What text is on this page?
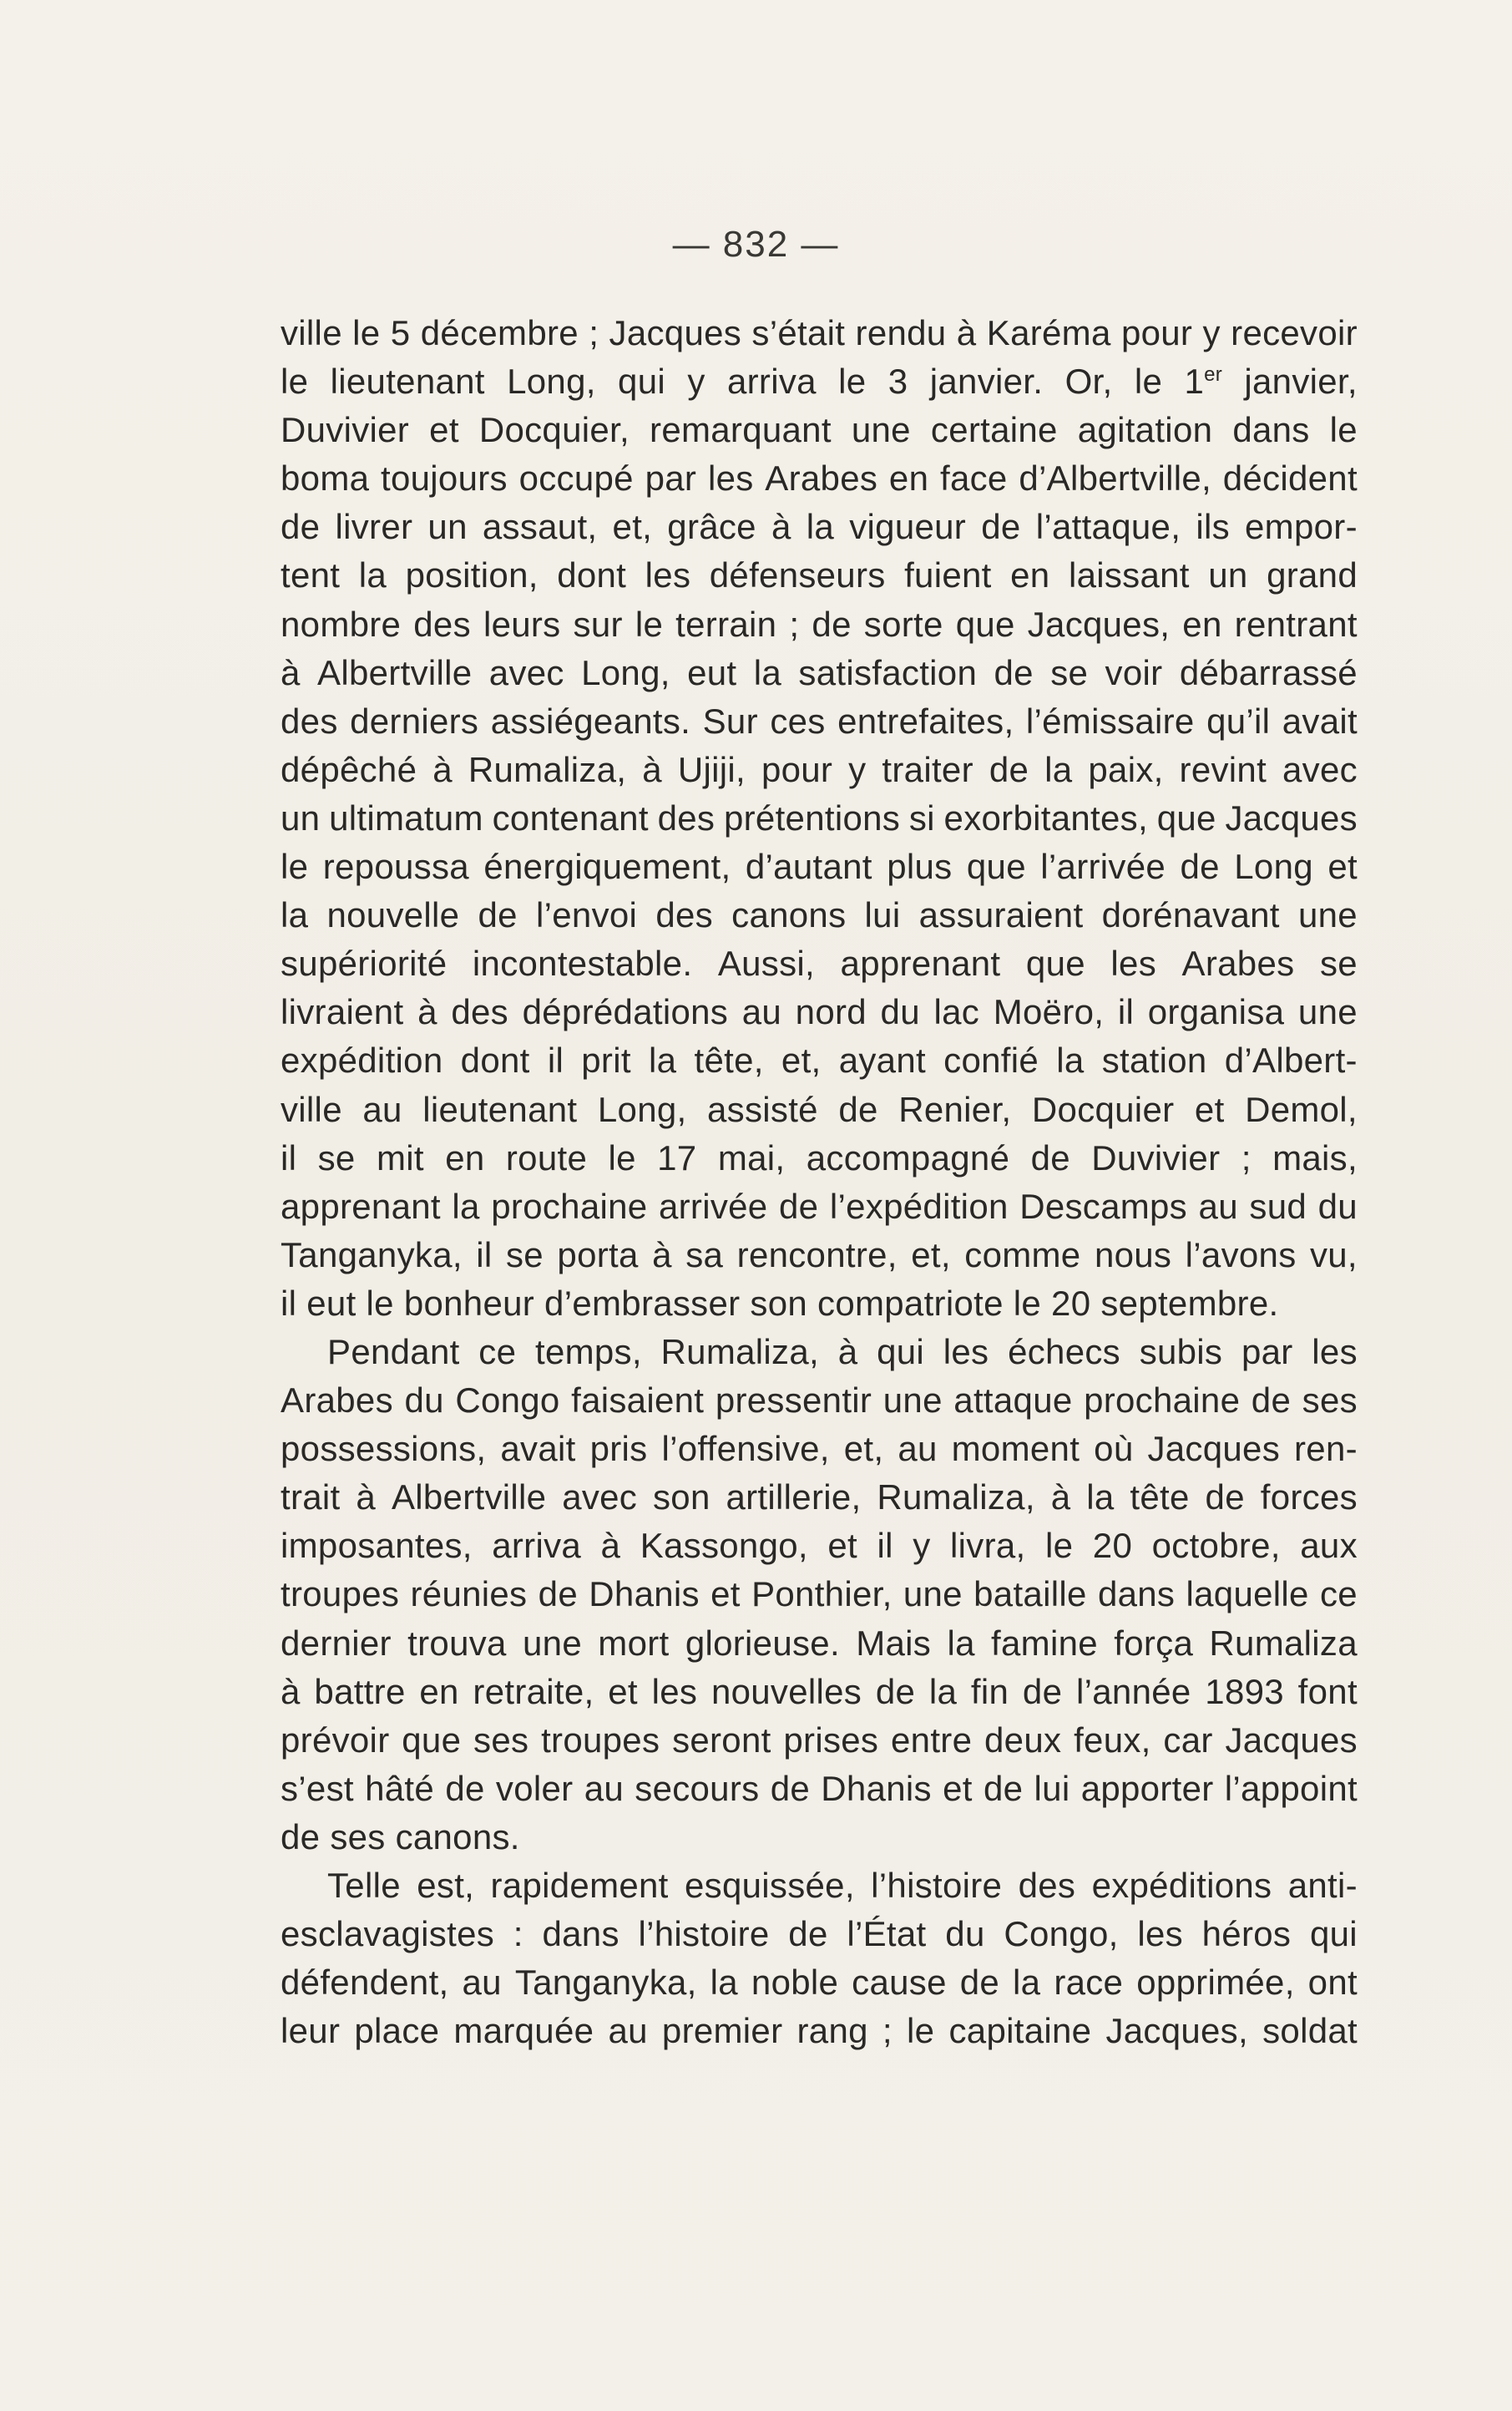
— 832 —
ville le 5 décembre ; Jacques s’était rendu à Karéma pour y recevoir
le lieutenant Long, qui y arriva le 3 janvier. Or, le 1er janvier,
Duvivier et Docquier, remarquant une certaine agitation dans le
boma toujours occupé par les Arabes en face d’Albertville, décident
de livrer un assaut, et, grâce à la vigueur de l’attaque, ils empor-
tent la position, dont les défenseurs fuient en laissant un grand
nombre des leurs sur le terrain ; de sorte que Jacques, en rentrant
à Albertville avec Long, eut la satisfaction de se voir débarrassé
des derniers assiégeants. Sur ces entrefaites, l’émissaire qu’il avait
dépêché à Rumaliza, à Ujiji, pour y traiter de la paix, revint avec
un ultimatum contenant des prétentions si exorbitantes, que Jacques
le repoussa énergiquement, d’autant plus que l’arrivée de Long et
la nouvelle de l’envoi des canons lui assuraient dorénavant une
supériorité incontestable. Aussi, apprenant que les Arabes se
livraient à des déprédations au nord du lac Moëro, il organisa une
expédition dont il prit la tête, et, ayant confié la station d’Albert-
ville au lieutenant Long, assisté de Renier, Docquier et Demol,
il se mit en route le 17 mai, accompagné de Duvivier ; mais,
apprenant la prochaine arrivée de l’expédition Descamps au sud du
Tanganyka, il se porta à sa rencontre, et, comme nous l’avons vu,
il
eut
le
bonheur
d’embrasser
son
compatriote
le
20
septembre.
Pendant ce temps, Rumaliza, à qui les échecs subis par les
Arabes du Congo faisaient pressentir une attaque prochaine de ses
possessions, avait pris l’offensive, et, au moment où Jacques ren-
trait à Albertville avec son artillerie, Rumaliza, à la tête de forces
imposantes, arriva à Kassongo, et il y livra, le 20 octobre, aux
troupes réunies de Dhanis et Ponthier, une bataille dans laquelle ce
dernier trouva une mort glorieuse. Mais la famine força Rumaliza
à battre en retraite, et les nouvelles de la fin de l’année 1893 font
prévoir que ses troupes seront prises entre deux feux, car Jacques
s’est hâté de voler au secours de Dhanis et de lui apporter l’appoint
de
ses
canons.
Telle est, rapidement esquissée, l’histoire des expéditions anti-
esclavagistes : dans l’histoire de l’État du Congo, les héros qui
défendent, au Tanganyka, la noble cause de la race opprimée, ont
leur place marquée au premier rang ; le capitaine Jacques, soldat
